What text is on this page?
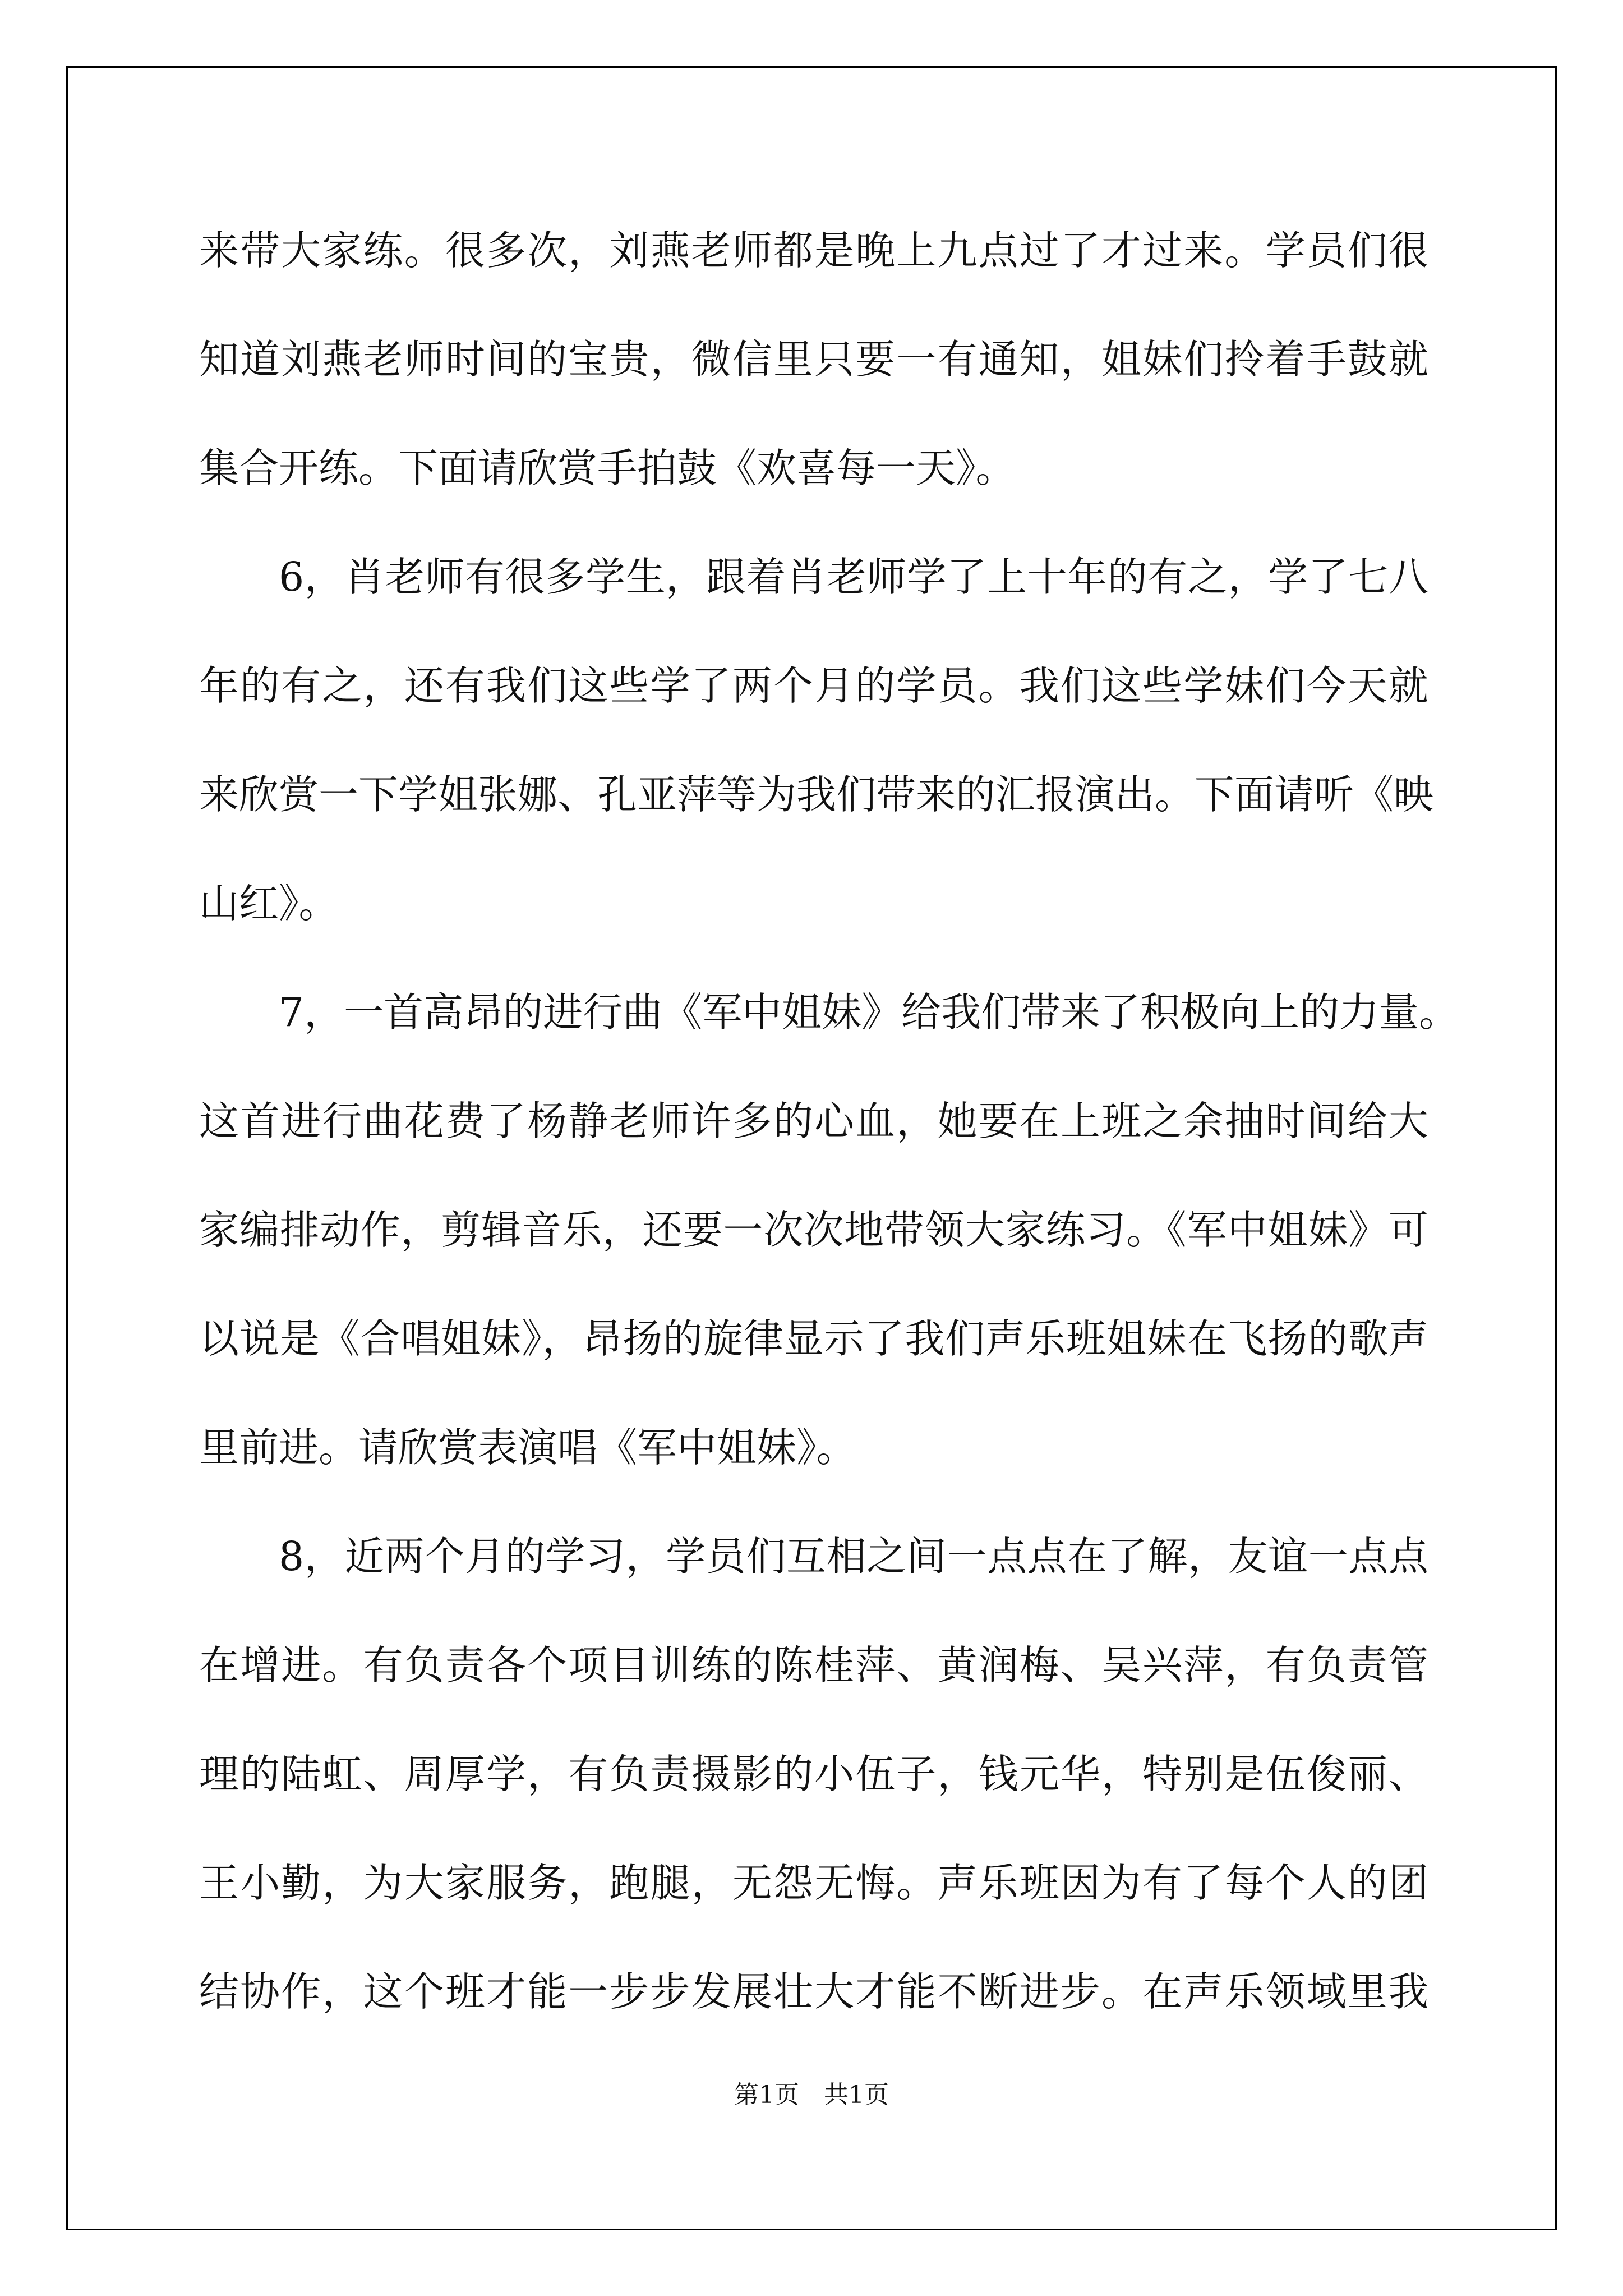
来带大家练。很多次，刘燕老师都是晚上九点过了才过来。学员们很
知道刘燕老师时间的宝贵，微信里只要一有通知，姐妹们拎着手鼓就
集合开练。下面请欣赏手拍鼓《欢喜每一天》。
6，肖老师有很多学生，跟着肖老师学了上十年的有之，学了七八
年的有之，还有我们这些学了两个月的学员。我们这些学妹们今天就
来欣赏一下学姐张娜、孔亚萍等为我们带来的汇报演出。下面请听《映
山红》。
7，一首高昂的进行曲《军中姐妹》给我们带来了积极向上的力量。
这首进行曲花费了杨静老师许多的心血，她要在上班之余抽时间给大
家编排动作，剪辑音乐，还要一次次地带领大家练习。《军中姐妹》可
以说是《合唱姐妹》，昂扬的旋律显示了我们声乐班姐妹在飞扬的歌声
里前进。请欣赏表演唱《军中姐妹》。
8，近两个月的学习，学员们互相之间一点点在了解，友谊一点点
在增进。有负责各个项目训练的陈桂萍、黄润梅、吴兴萍，有负责管
理的陆虹、周厚学，有负责摄影的小伍子，钱元华，特别是伍俊丽、
王小勤，为大家服务，跑腿，无怨无悔。声乐班因为有了每个人的团
结协作，这个班才能一步步发展壮大才能不断进步。在声乐领域里我
第1页　共1页
